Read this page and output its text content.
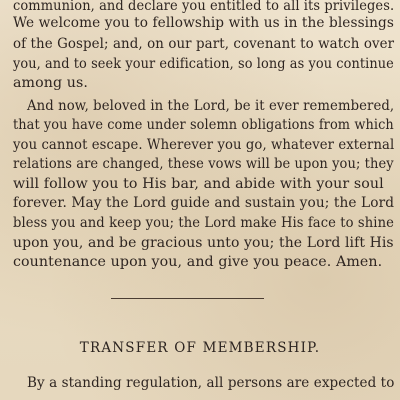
communion, and declare you entitled to all its privileges.
We welcome you to fellowship with us in the blessings
of the Gospel; and, on our part, covenant to watch over
you, and to seek your edification, so long as you continue
among us.
And now, beloved in the Lord, be it ever remembered,
that you have come under solemn obligations from which
you cannot escape. Wherever you go, whatever external
relations are changed, these vows will be upon you; they
will follow you to His bar, and abide with your soul
forever. May the Lord guide and sustain you; the Lord
bless you and keep you; the Lord make His face to shine
upon you, and be gracious unto you; the Lord lift His
countenance upon you, and give you peace. Amen.
TRANSFER OF MEMBERSHIP.
By a standing regulation, all persons are expected to
